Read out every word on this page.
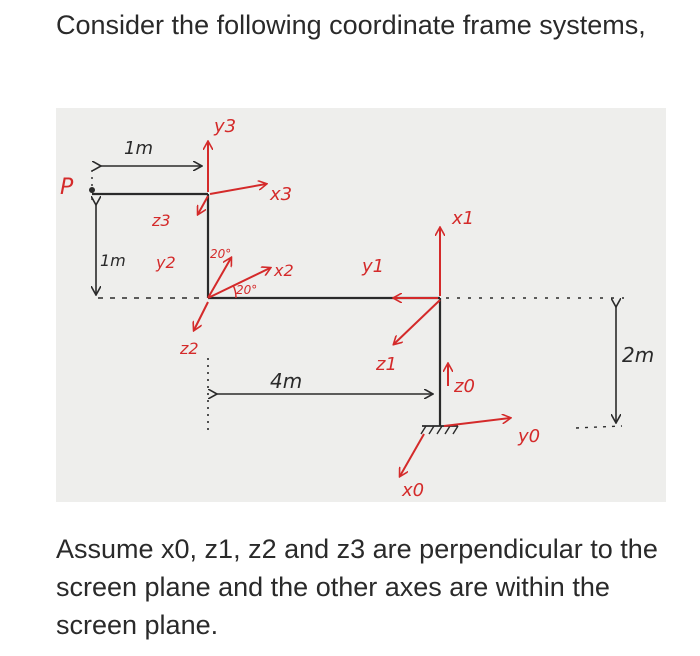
Consider the following coordinate frame systems,

P
1m
1m
4m
2m
y3
x3
z3
y2	20°
x2
20°
z2
x1
y1
z1
y0
z0
x0

Assume x0, z1, z2 and z3 are perpendicular to the screen plane and the other axes are within the screen plane.
